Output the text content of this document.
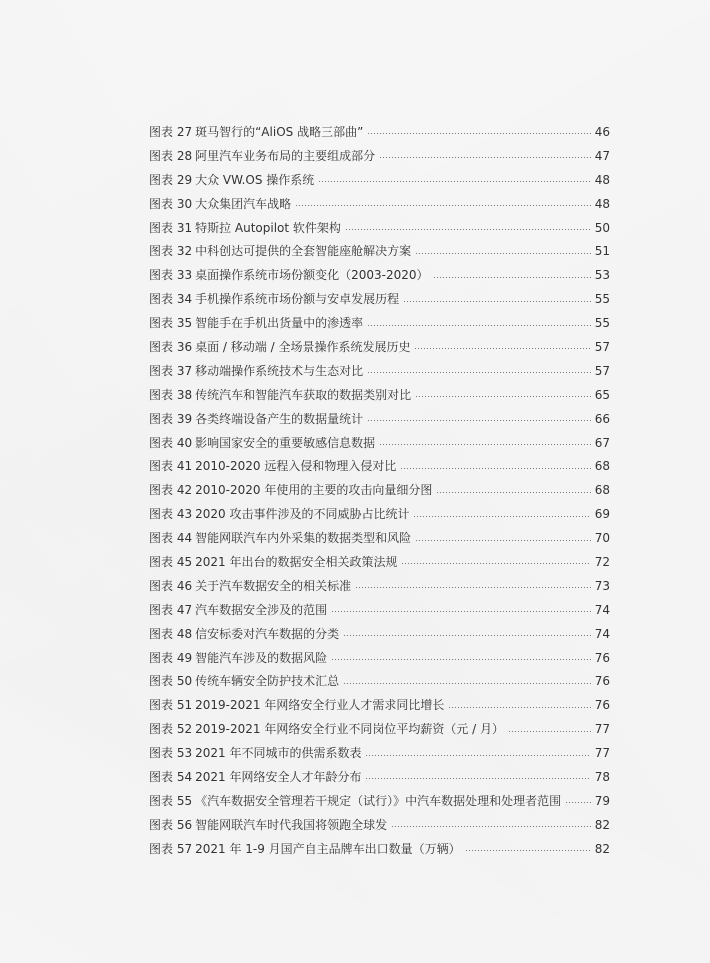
图表 27 斑马智行的“AliOS 战略三部曲”	46
图表 28 阿里汽车业务布局的主要组成部分	47
图表 29 大众 VW.OS 操作系统	48
图表 30 大众集团汽车战略	48
图表 31 特斯拉 Autopilot 软件架构	50
图表 32 中科创达可提供的全套智能座舱解决方案	51
图表 33 桌面操作系统市场份额变化（2003-2020）	53
图表 34 手机操作系统市场份额与安卓发展历程	55
图表 35 智能手在手机出货量中的渗透率	55
图表 36 桌面 / 移动端 / 全场景操作系统发展历史	57
图表 37 移动端操作系统技术与生态对比	57
图表 38 传统汽车和智能汽车获取的数据类别对比	65
图表 39 各类终端设备产生的数据量统计	66
图表 40 影响国家安全的重要敏感信息数据	67
图表 41 2010-2020 远程入侵和物理入侵对比	68
图表 42 2010-2020 年使用的主要的攻击向量细分图	68
图表 43 2020 攻击事件涉及的不同威胁占比统计	69
图表 44 智能网联汽车内外采集的数据类型和风险	70
图表 45 2021 年出台的数据安全相关政策法规	72
图表 46 关于汽车数据安全的相关标准	73
图表 47 汽车数据安全涉及的范围	74
图表 48 信安标委对汽车数据的分类	74
图表 49 智能汽车涉及的数据风险	76
图表 50 传统车辆安全防护技术汇总	76
图表 51 2019-2021 年网络安全行业人才需求同比增长	76
图表 52 2019-2021 年网络安全行业不同岗位平均薪资（元 / 月）	77
图表 53 2021 年不同城市的供需系数表	77
图表 54 2021 年网络安全人才年龄分布	78
图表 55 《汽车数据安全管理若干规定（试行）》中汽车数据处理和处理者范围	79
图表 56 智能网联汽车时代我国将领跑全球发	82
图表 57 2021 年 1-9 月国产自主品牌车出口数量（万辆）	82
